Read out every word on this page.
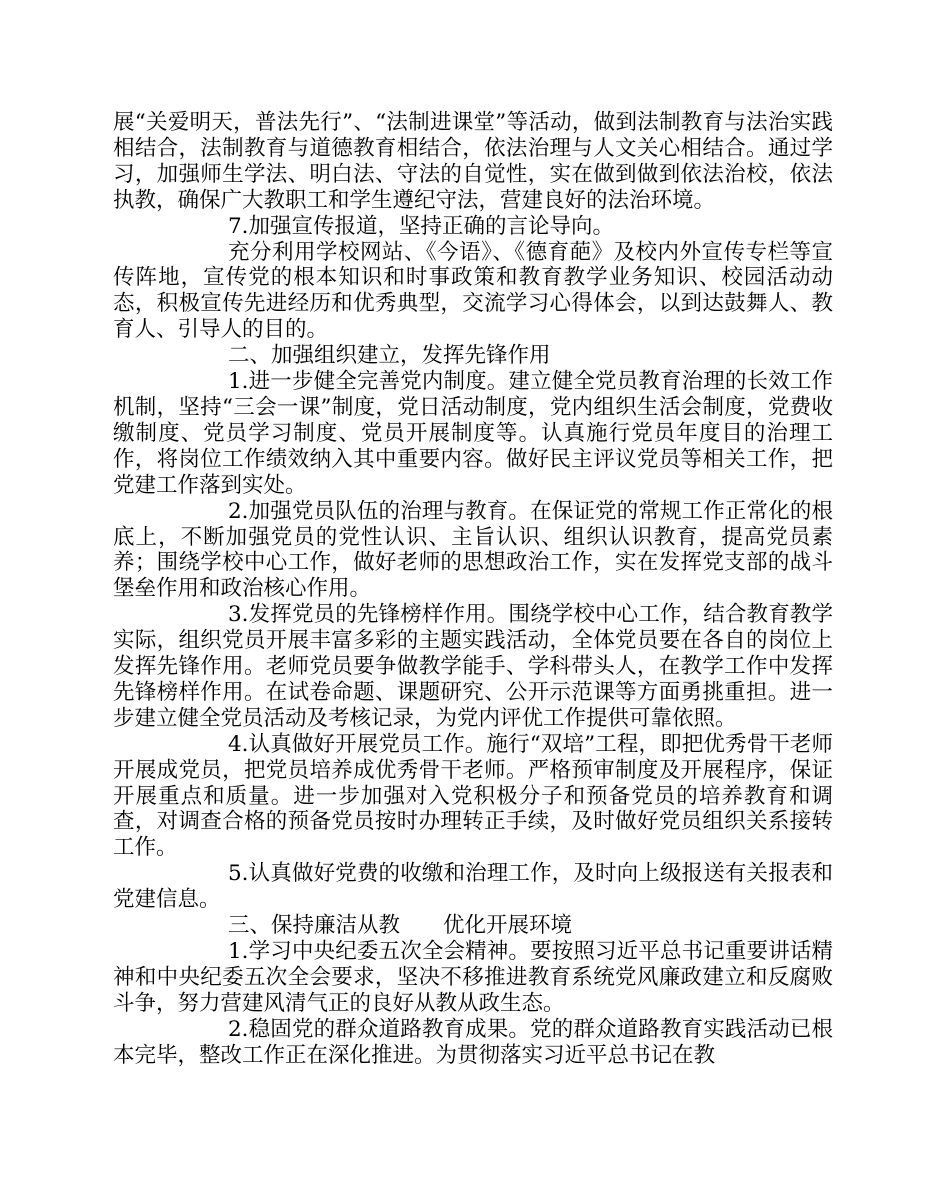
展“关爱明天，普法先行”、“法制进课堂”等活动，做到法制教育与法治实践相结合，法制教育与道德教育相结合，依法治理与人文关心相结合。通过学习，加强师生学法、明白法、守法的自觉性，实在做到做到依法治校，依法执教，确保广大教职工和学生遵纪守法，营建良好的法治环境。

7.加强宣传报道，坚持正确的言论导向。

充分利用学校网站、《今语》、《德育葩》及校内外宣传专栏等宣传阵地，宣传党的根本知识和时事政策和教育教学业务知识、校园活动动态，积极宣传先进经历和优秀典型，交流学习心得体会，以到达鼓舞人、教育人、引导人的目的。

二、加强组织建立，发挥先锋作用

1.进一步健全完善党内制度。建立健全党员教育治理的长效工作机制，坚持“三会一课”制度，党日活动制度，党内组织生活会制度，党费收缴制度、党员学习制度、党员开展制度等。认真施行党员年度目的治理工作，将岗位工作绩效纳入其中重要内容。做好民主评议党员等相关工作，把党建工作落到实处。

2.加强党员队伍的治理与教育。在保证党的常规工作正常化的根底上，不断加强党员的党性认识、主旨认识、组织认识教育，提高党员素养；围绕学校中心工作，做好老师的思想政治工作，实在发挥党支部的战斗堡垒作用和政治核心作用。

3.发挥党员的先锋榜样作用。围绕学校中心工作，结合教育教学实际，组织党员开展丰富多彩的主题实践活动，全体党员要在各自的岗位上发挥先锋作用。老师党员要争做教学能手、学科带头人，在教学工作中发挥先锋榜样作用。在试卷命题、课题研究、公开示范课等方面勇挑重担。进一步建立健全党员活动及考核记录，为党内评优工作提供可靠依照。

4.认真做好开展党员工作。施行“双培”工程，即把优秀骨干老师开展成党员，把党员培养成优秀骨干老师。严格预审制度及开展程序，保证开展重点和质量。进一步加强对入党积极分子和预备党员的培养教育和调查，对调查合格的预备党员按时办理转正手续，及时做好党员组织关系接转工作。

5.认真做好党费的收缴和治理工作，及时向上级报送有关报表和党建信息。

三、保持廉洁从教　　优化开展环境

1.学习中央纪委五次全会精神。要按照习近平总书记重要讲话精神和中央纪委五次全会要求，坚决不移推进教育系统党风廉政建立和反腐败斗争，努力营建风清气正的良好从教从政生态。

2.稳固党的群众道路教育成果。党的群众道路教育实践活动已根本完毕，整改工作正在深化推进。为贯彻落实习近平总书记在教
